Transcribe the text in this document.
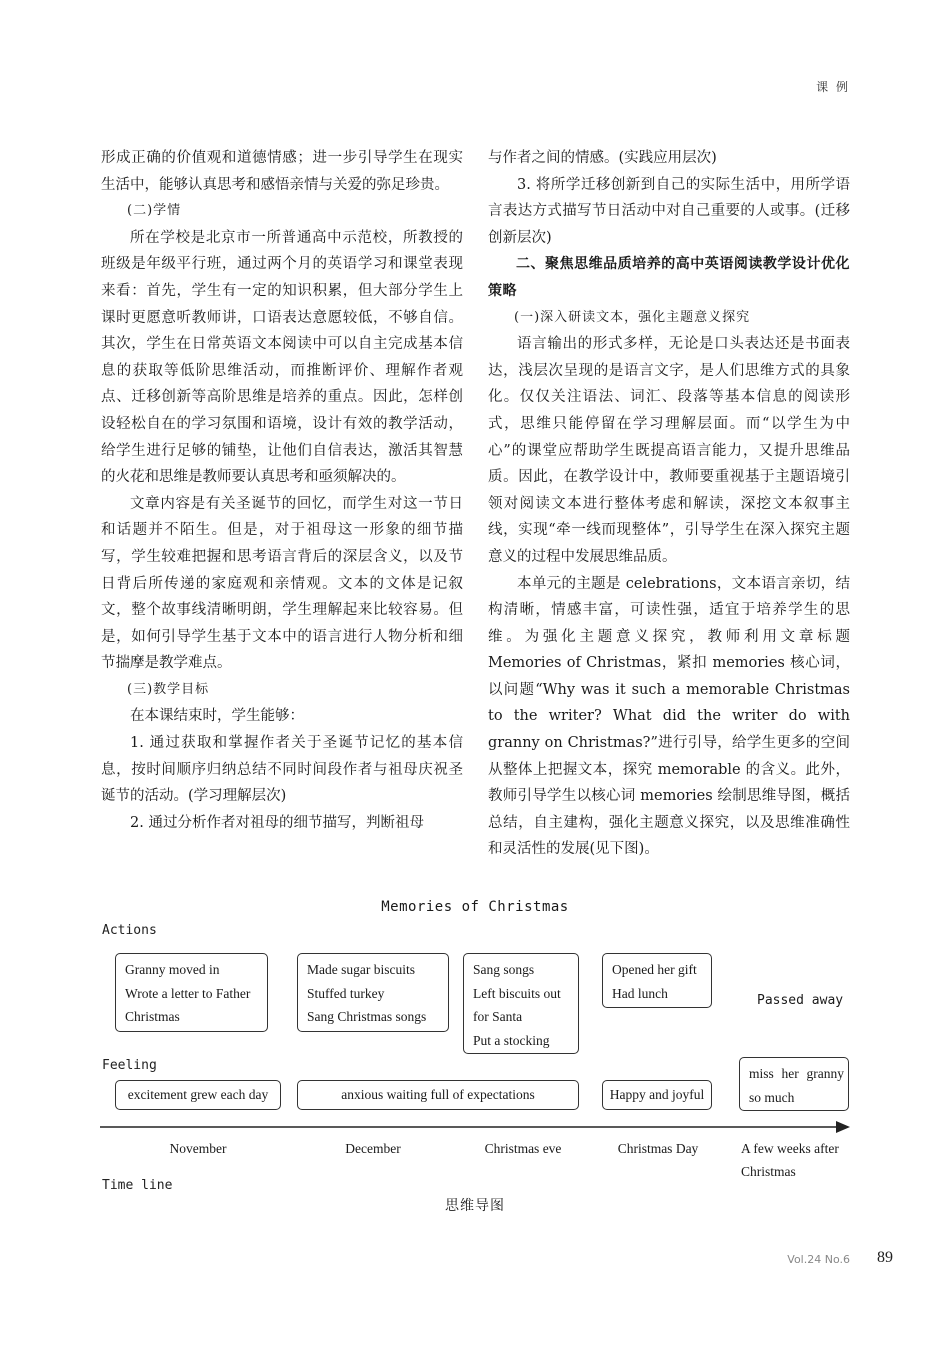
课 例

形成正确的价值观和道德情感；进一步引导学生在现实生活中，能够认真思考和感悟亲情与关爱的弥足珍贵。

(二)学情

所在学校是北京市一所普通高中示范校，所教授的班级是年级平行班，通过两个月的英语学习和课堂表现来看：首先，学生有一定的知识积累，但大部分学生上课时更愿意听教师讲，口语表达意愿较低，不够自信。其次，学生在日常英语文本阅读中可以自主完成基本信息的获取等低阶思维活动，而推断评价、理解作者观点、迁移创新等高阶思维是培养的重点。因此，怎样创设轻松自在的学习氛围和语境，设计有效的教学活动，给学生进行足够的铺垫，让他们自信表达，激活其智慧的火花和思维是教师要认真思考和亟须解决的。

文章内容是有关圣诞节的回忆，而学生对这一节日和话题并不陌生。但是，对于祖母这一形象的细节描写，学生较难把握和思考语言背后的深层含义，以及节日背后所传递的家庭观和亲情观。文本的文体是记叙文，整个故事线清晰明朗，学生理解起来比较容易。但是，如何引导学生基于文本中的语言进行人物分析和细节揣摩是教学难点。

(三)教学目标

在本课结束时，学生能够：

1. 通过获取和掌握作者关于圣诞节记忆的基本信息，按时间顺序归纳总结不同时间段作者与祖母庆祝圣诞节的活动。(学习理解层次)

2. 通过分析作者对祖母的细节描写，判断祖母

与作者之间的情感。(实践应用层次)

3. 将所学迁移创新到自己的实际生活中，用所学语言表达方式描写节日活动中对自己重要的人或事。(迁移创新层次)

二、聚焦思维品质培养的高中英语阅读教学设计优化策略

(一)深入研读文本，强化主题意义探究

语言输出的形式多样，无论是口头表达还是书面表达，浅层次呈现的是语言文字，是人们思维方式的具象化。仅仅关注语法、词汇、段落等基本信息的阅读形式，思维只能停留在学习理解层面。而“以学生为中心”的课堂应帮助学生既提高语言能力，又提升思维品质。因此，在教学设计中，教师要重视基于主题语境引领对阅读文本进行整体考虑和解读，深挖文本叙事主线，实现“牵一线而现整体”，引导学生在深入探究主题意义的过程中发展思维品质。

本单元的主题是 celebrations，文本语言亲切，结构清晰，情感丰富，可读性强，适宜于培养学生的思维。为强化主题意义探究，教师利用文章标题 Memories of Christmas，紧扣 memories 核心词，以问题“Why was it such a memorable Christmas to the writer? What did the writer do with granny on Christmas?”进行引导，给学生更多的空间从整体上把握文本，探究 memorable 的含义。此外，教师引导学生以核心词 memories 绘制思维导图，概括总结，自主建构，强化主题意义探究，以及思维准确性和灵活性的发展(见下图)。

Memories of Christmas
Actions
Granny moved in
Wrote a letter to Father
Christmas
Made sugar biscuits
Stuffed turkey
Sang Christmas songs
Sang songs
Left biscuits out
for Santa
Put a stocking
Opened her gift
Had lunch	Passed away
Feeling
excitement grew each day	anxious waiting full of expectations	Happy and joyful
miss her granny so much
November	December	Christmas eve	Christmas Day	A few weeks after Christmas
Time line
思维导图
Vol.24 No.6 89
